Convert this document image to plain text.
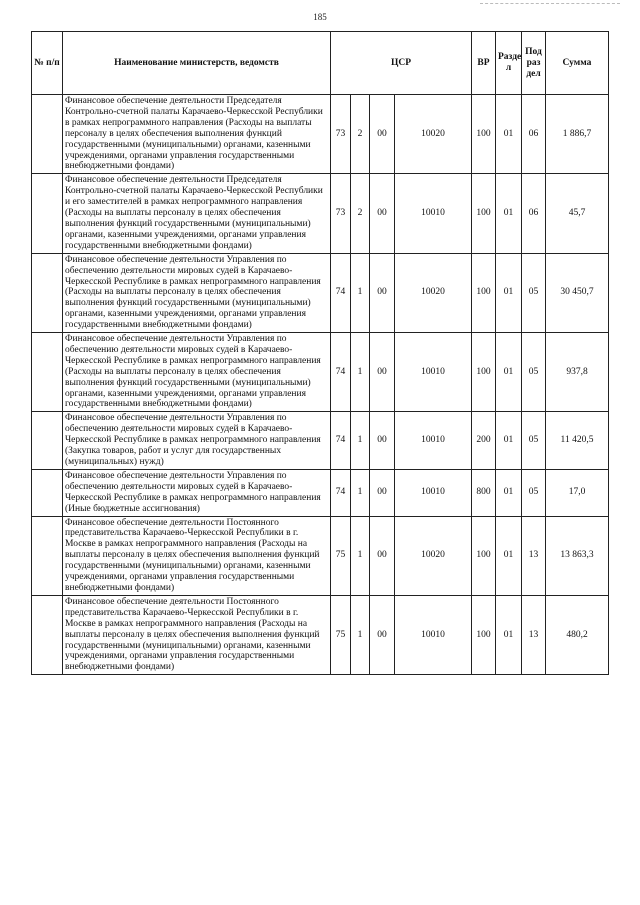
185
№ п/п	Наименование министерств, ведомств	ЦСР				ВР	Разде л	Под раз дел	Сумма
	Финансовое обеспечение деятельности Председателя Контрольно-счетной палаты Карачаево-Черкесской Республики в рамках непрограммного направления (Расходы на выплаты персоналу в целях обеспечения выполнения функций государственными (муниципальными) органами, казенными учреждениями, органами управления государственными внебюджетными фондами)	73	2	00	10020	100	01	06	1 886,7
	Финансовое обеспечение деятельности Председателя Контрольно-счетной палаты Карачаево-Черкесской Республики и его заместителей в рамках непрограммного направления (Расходы на выплаты персоналу в целях обеспечения выполнения функций государственными (муниципальными) органами, казенными учреждениями, органами управления государственными внебюджетными фондами)	73	2	00	10010	100	01	06	45,7
	Финансовое обеспечение деятельности Управления по обеспечению деятельности мировых судей в Карачаево-Черкесской Республике в рамках непрограммного направления (Расходы на выплаты персоналу в целях обеспечения выполнения функций государственными (муниципальными) органами, казенными учреждениями, органами управления государственными внебюджетными фондами)	74	1	00	10020	100	01	05	30 450,7
	Финансовое обеспечение деятельности Управления по обеспечению деятельности мировых судей в Карачаево-Черкесской Республике в рамках непрограммного направления (Расходы на выплаты персоналу в целях обеспечения выполнения функций государственными (муниципальными) органами, казенными учреждениями, органами управления государственными внебюджетными фондами)	74	1	00	10010	100	01	05	937,8
	Финансовое обеспечение деятельности Управления по обеспечению деятельности мировых судей в Карачаево-Черкесской Республике в рамках непрограммного направления (Закупка товаров, работ и услуг для государственных (муниципальных) нужд)	74	1	00	10010	200	01	05	11 420,5
	Финансовое обеспечение деятельности Управления по обеспечению деятельности мировых судей в Карачаево-Черкесской Республике в рамках непрограммного направления (Иные бюджетные ассигнования)	74	1	00	10010	800	01	05	17,0
	Финансовое обеспечение деятельности Постоянного представительства Карачаево-Черкесской Республики в г. Москве в рамках непрограммного направления (Расходы на выплаты персоналу в целях обеспечения выполнения функций государственными (муниципальными) органами, казенными учреждениями, органами управления государственными внебюджетными фондами)	75	1	00	10020	100	01	13	13 863,3
	Финансовое обеспечение деятельности Постоянного представительства Карачаево-Черкесской Республики в г. Москве в рамках непрограммного направления (Расходы на выплаты персоналу в целях обеспечения выполнения функций государственными (муниципальными) органами, казенными учреждениями, органами управления государственными внебюджетными фондами)	75	1	00	10010	100	01	13	480,2
